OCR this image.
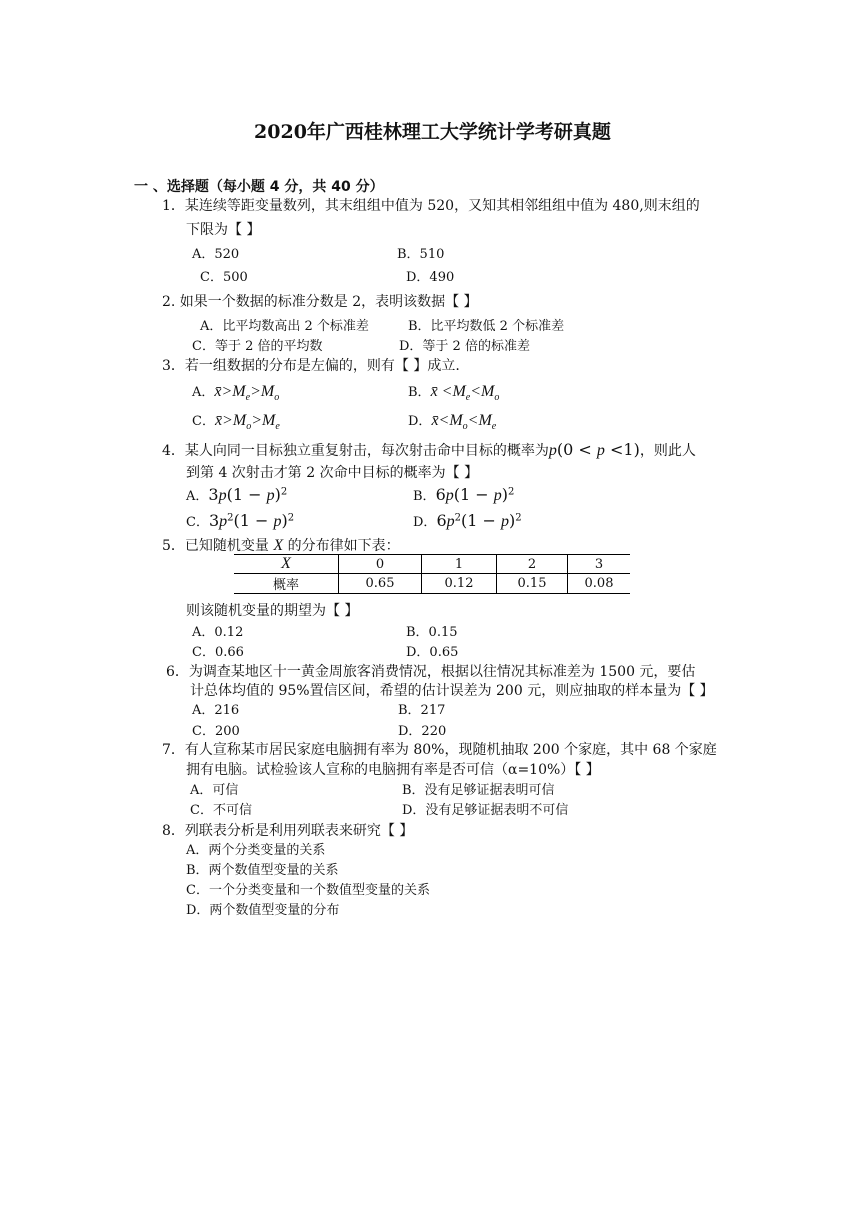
2020年广西桂林理工大学统计学考研真题
一 、选择题（每小题 4 分，共 40 分）
1．某连续等距变量数列，其末组组中值为 520，又知其相邻组组中值为 480,则末组的
下限为【 】
A．520	B．510
C．500	D．490
2. 如果一个数据的标准分数是 2，表明该数据【 】
A．比平均数高出 2 个标准差	B．比平均数低 2 个标准差
C．等于 2 倍的平均数	D．等于 2 倍的标准差
3．若一组数据的分布是左偏的，则有【 】成立.
A．$x̄>M_e>M_o$	B．x̄ $<M_e<M_o$
C．$x̄>M_o>M_e$	D．$x̄<M_o<M_e$
4．某人向同一目标独立重复射击，每次射击命中目标的概率为p(0 < p <1)，则此人
到第 4 次射击才第 2 次命中目标的概率为【 】
A．$3p(1 - p)^2$	B．$6p(1 - p)^2$
C．$3p^2(1 - p)^2$	D．$6p^2(1 - p)^2$
5．已知随机变量 X 的分布律如下表：
X	0	1	2	3
概率	0.65	0.12	0.15	0.08
则该随机变量的期望为【 】
A．0.12	B．0.15
C．0.66	D．0.65
6．为调查某地区十一黄金周旅客消费情况，根据以往情况其标准差为 1500 元，要估
计总体均值的 95%置信区间，希望的估计误差为 200 元，则应抽取的样本量为【 】
A．216	B．217
C．200	D．220
7．有人宣称某市居民家庭电脑拥有率为 80%，现随机抽取 200 个家庭，其中 68 个家庭
拥有电脑。试检验该人宣称的电脑拥有率是否可信（α=10%）【 】
A．可信	B．没有足够证据表明可信
C．不可信	D．没有足够证据表明不可信
8．列联表分析是利用列联表来研究【 】
A．两个分类变量的关系
B．两个数值型变量的关系
C．一个分类变量和一个数值型变量的关系
D．两个数值型变量的分布
